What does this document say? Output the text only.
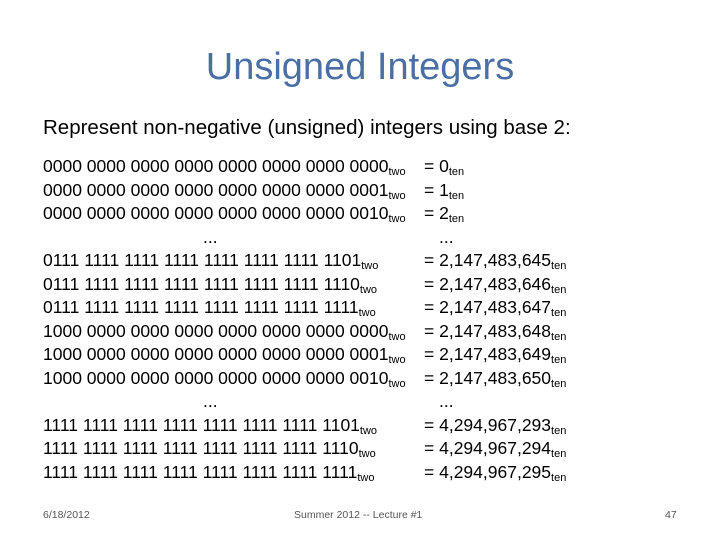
Unsigned Integers
Represent non-negative (unsigned) integers using base 2:
0000 0000 0000 0000 0000 0000 0000 $0000_{two} = 0_{ten}$
0000 0000 0000 0000 0000 0000 0000 $0001_{two} = 1_{ten}$
0000 0000 0000 0000 0000 0000 0000 $0010_{two} = 2_{ten}$
...	...
0111 1111 1111 1111 1111 1111 1111 $1101_{two}$	= $2,147,483,645_{ten}$
0111 1111 1111 1111 1111 1111 1111 $1110_{two}$	= $2,147,483,646_{ten}$
0111 1111 1111 1111 1111 1111 1111 $1111_{two}$	= $2,147,483,647_{ten}$
1000 0000 0000 0000 0000 0000 0000 $0000_{two} = 2,147,483,648_{ten}$
1000 0000 0000 0000 0000 0000 0000 $0001_{two} = 2,147,483,649_{ten}$
1000 0000 0000 0000 0000 0000 0000 $0010_{two} = 2,147,483,650_{ten}$
...	...
1111 1111 1111 1111 1111 1111 1111 $1101_{two}$	= $4,294,967,293_{ten}$
1111 1111 1111 1111 1111 1111 1111 $1110_{two}$	= $4,294,967,294_{ten}$
1111 1111 1111 1111 1111 1111 1111 $1111_{two}$	= $4,294,967,295_{ten}$
6/18/2012	Summer 2012 -- Lecture #1	47
